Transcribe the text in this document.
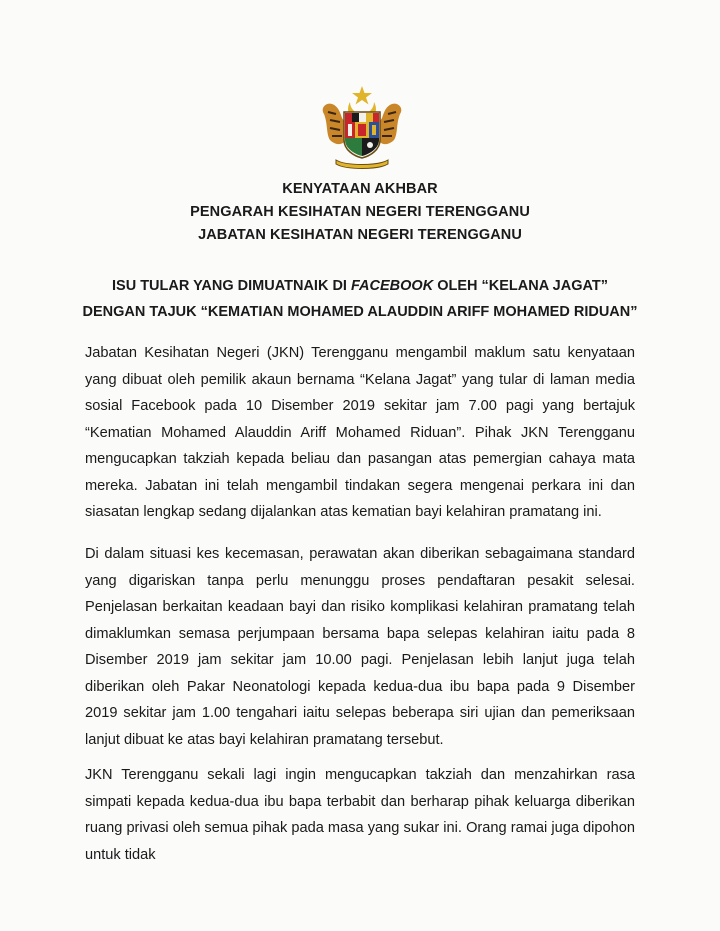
KENYATAAN AKHBAR
PENGARAH KESIHATAN NEGERI TERENGGANU
JABATAN KESIHATAN NEGERI TERENGGANU
ISU TULAR YANG DIMUATNAIK DI FACEBOOK OLEH “KELANA JAGAT”
DENGAN TAJUK “KEMATIAN MOHAMED ALAUDDIN ARIFF MOHAMED RIDUAN”

Jabatan Kesihatan Negeri (JKN) Terengganu mengambil maklum satu kenyataan yang dibuat oleh pemilik akaun bernama “Kelana Jagat” yang tular di laman media sosial Facebook pada 10 Disember 2019 sekitar jam 7.00 pagi yang bertajuk “Kematian Mohamed Alauddin Ariff Mohamed Riduan”. Pihak JKN Terengganu mengucapkan takziah kepada beliau dan pasangan atas pemergian cahaya mata mereka. Jabatan ini telah mengambil tindakan segera mengenai perkara ini dan siasatan lengkap sedang dijalankan atas kematian bayi kelahiran pramatang ini.

Di dalam situasi kes kecemasan, perawatan akan diberikan sebagaimana standard yang digariskan tanpa perlu menunggu proses pendaftaran pesakit selesai. Penjelasan berkaitan keadaan bayi dan risiko komplikasi kelahiran pramatang telah dimaklumkan semasa perjumpaan bersama bapa selepas kelahiran iaitu pada 8 Disember 2019 jam sekitar jam 10.00 pagi. Penjelasan lebih lanjut juga telah diberikan oleh Pakar Neonatologi kepada kedua-dua ibu bapa pada 9 Disember 2019 sekitar jam 1.00 tengahari iaitu selepas beberapa siri ujian dan pemeriksaan lanjut dibuat ke atas bayi kelahiran pramatang tersebut.

JKN Terengganu sekali lagi ingin mengucapkan takziah dan menzahirkan rasa simpati kepada kedua-dua ibu bapa terbabit dan berharap pihak keluarga diberikan ruang privasi oleh semua pihak pada masa yang sukar ini. Orang ramai juga dipohon untuk tidak
